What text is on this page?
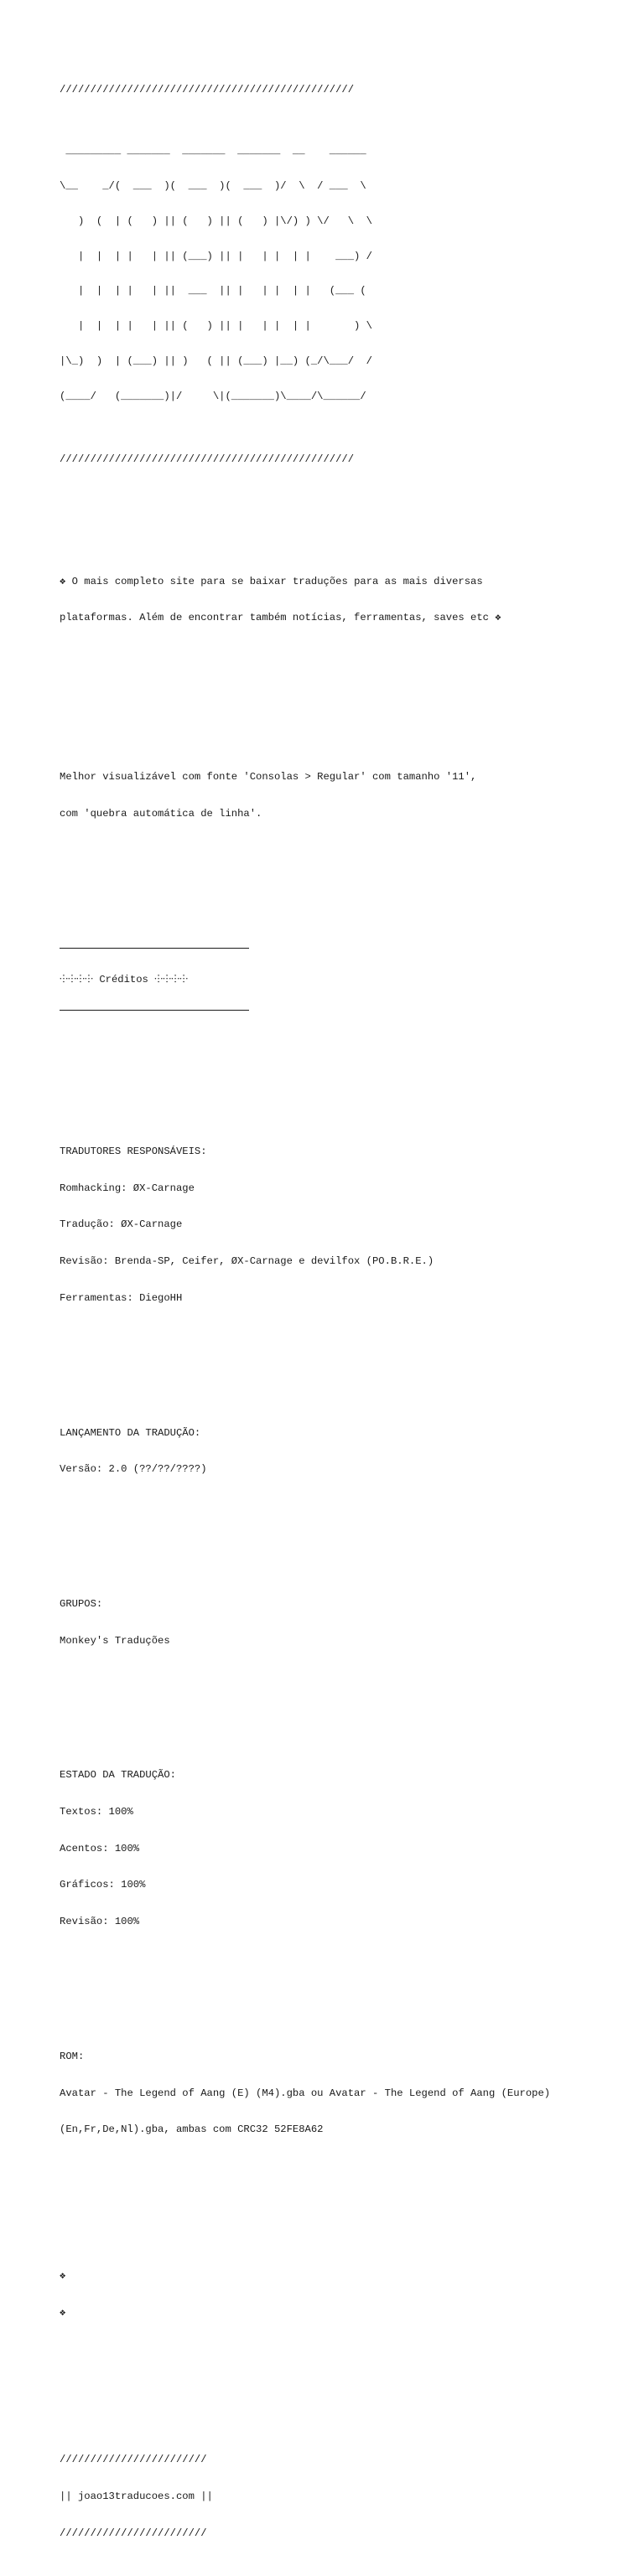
////////////////////////////////////////////////

_________ _______  _______  _______  __    ______

\__    _/(  ___  )(  ___  )(  ___  )/  \  / ___  \

)  (  | (   ) || (   ) || (   ) |\/) ) \/   \  \

|  |  | |   | || (___) || |   | |  | |    ___) /

|  |  | |   | ||  ___  || |   | |  | |   (___ (

|  |  | |   | || (   ) || |   | |  | |       ) \

|\_)  )  | (___) || )   ( || (___) |__) (_/\___/  /

(____/   (_______)|/     \|(_______)\____/\______/

////////////////////////////////////////////////

❖ O mais completo site para se baixar traduções para as mais diversas

plataformas. Além de encontrar também notícias, ferramentas, saves etc ❖

Melhor visualizável com fonte 'Consolas > Regular' com tamanho '11',

com 'quebra automática de linha'.

⸭⸭⸭⸭ Créditos ⸭⸭⸭⸭

TRADUTORES RESPONSÁVEIS:

Romhacking: ØX-Carnage

Tradução: ØX-Carnage

Revisão: Brenda-SP, Ceifer, ØX-Carnage e devilfox (PO.B.R.E.)

Ferramentas: DiegoHH

LANÇAMENTO DA TRADUÇÃO:

Versão: 2.0 (??/??/????)

GRUPOS:

Monkey's Traduções

ESTADO DA TRADUÇÃO:

Textos: 100%

Acentos: 100%

Gráficos: 100%

Revisão: 100%

ROM:

Avatar - The Legend of Aang (E) (M4).gba ou Avatar - The Legend of Aang (Europe)

(En,Fr,De,Nl).gba, ambas com CRC32 52FE8A62

❖

❖

////////////////////////

|| joao13traducoes.com ||

////////////////////////
